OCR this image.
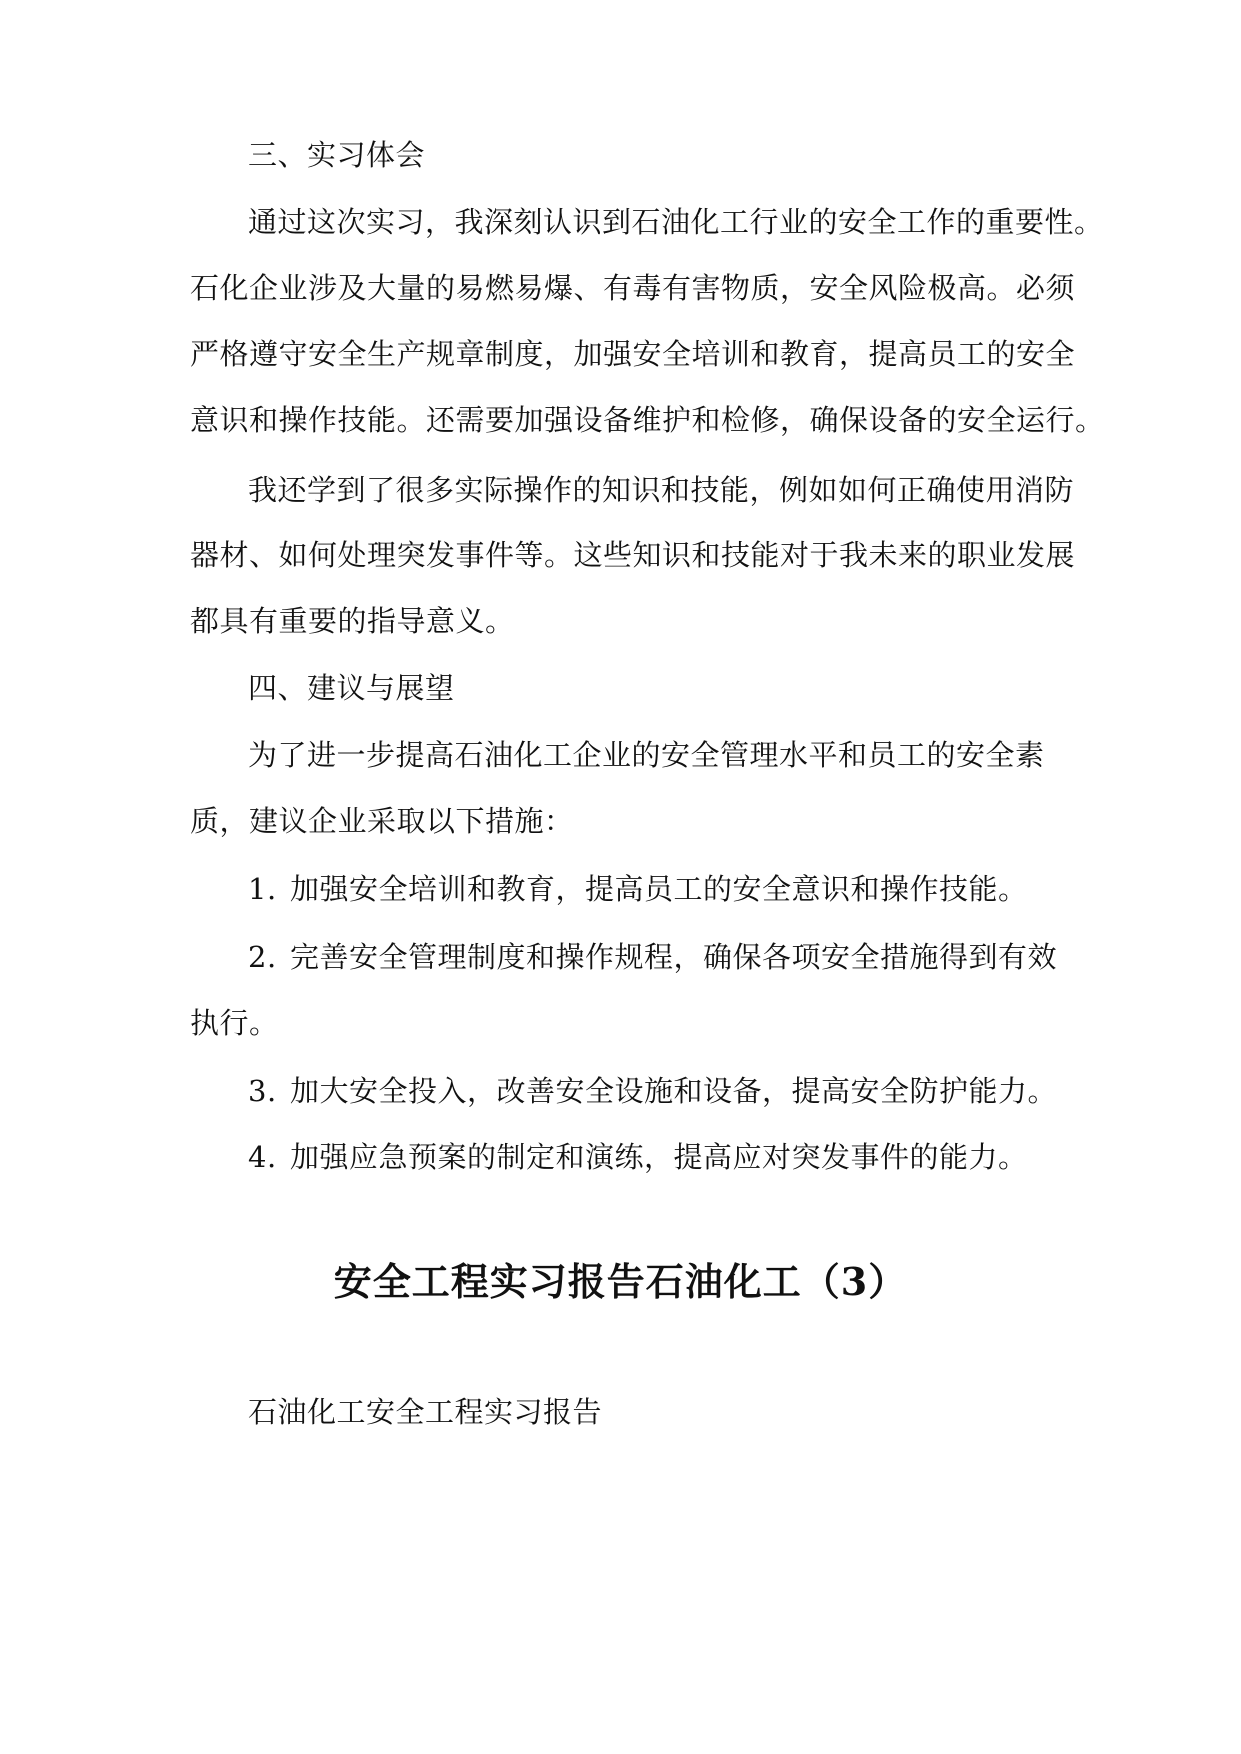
三、实习体会
通过这次实习，我深刻认识到石油化工行业的安全工作的重要性。
石化企业涉及大量的易燃易爆、有毒有害物质，安全风险极高。必须
严格遵守安全生产规章制度，加强安全培训和教育，提高员工的安全
意识和操作技能。还需要加强设备维护和检修，确保设备的安全运行。
我还学到了很多实际操作的知识和技能，例如如何正确使用消防
器材、如何处理突发事件等。这些知识和技能对于我未来的职业发展
都具有重要的指导意义。
四、建议与展望
为了进一步提高石油化工企业的安全管理水平和员工的安全素
质，建议企业采取以下措施：
1. 加强安全培训和教育，提高员工的安全意识和操作技能。
2. 完善安全管理制度和操作规程，确保各项安全措施得到有效
执行。
3. 加大安全投入，改善安全设施和设备，提高安全防护能力。
4. 加强应急预案的制定和演练，提高应对突发事件的能力。
安全工程实习报告石油化工（3）
石油化工安全工程实习报告
